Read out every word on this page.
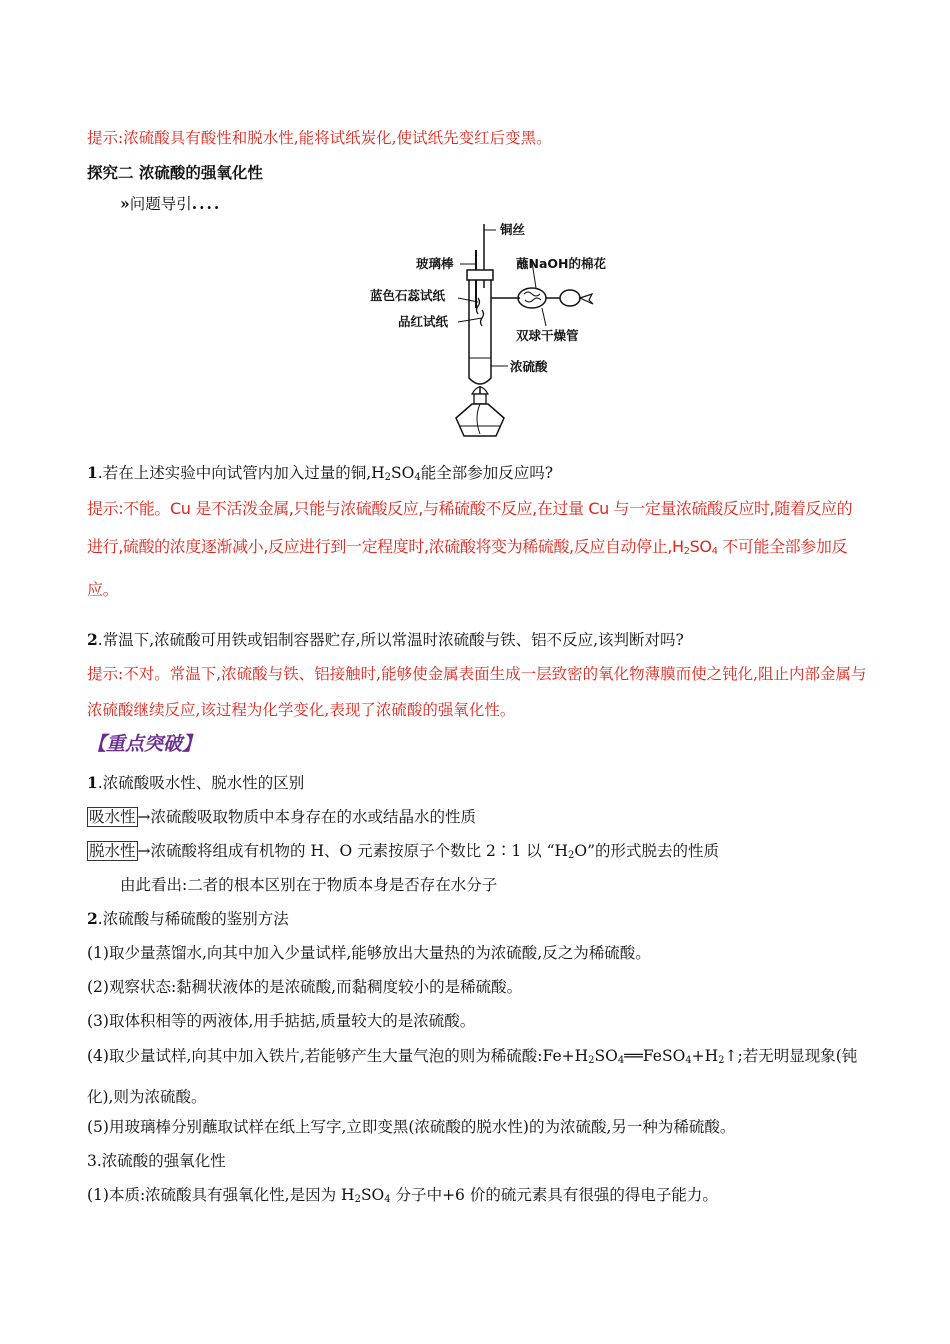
提示:浓硫酸具有酸性和脱水性,能将试纸炭化,使试纸先变红后变黑。
探究二 浓硫酸的强氧化性
»问题导引....
铜丝
玻璃棒	蘸NaOH的棉花
蓝色石蕊试纸
品红试纸
双球干燥管
浓硫酸
1.若在上述实验中向试管内加入过量的铜$,H_2SO_4$能全部参加反应吗?
提示:不能。Cu 是不活泼金属,只能与浓硫酸反应,与稀硫酸不反应,在过量 Cu 与一定量浓硫酸反应时,随着反应的进行,硫酸的浓度逐渐减小,反应进行到一定程度时,浓硫酸将变为稀硫酸,反应自动停止$,H_2SO_4$ 不可能全部参加反应。
2.常温下,浓硫酸可用铁或铝制容器贮存,所以常温时浓硫酸与铁、铝不反应,该判断对吗?
提示:不对。常温下,浓硫酸与铁、铝接触时,能够使金属表面生成一层致密的氧化物薄膜而使之钝化,阻止内部金属与浓硫酸继续反应,该过程为化学变化,表现了浓硫酸的强氧化性。
【重点突破】
1.浓硫酸吸水性、脱水性的区别
吸水性 →浓硫酸吸取物质中本身存在的水或结晶水的性质
脱水性 →浓硫酸将组成有机物的 H、O 元素按原子个数比 2∶1 以 “$H_2O$”的形式脱去的性质
由此看出:二者的根本区别在于物质本身是否存在水分子
2.浓硫酸与稀硫酸的鉴别方法
(1)取少量蒸馏水,向其中加入少量试样,能够放出大量热的为浓硫酸,反之为稀硫酸。
(2)观察状态:黏稠状液体的是浓硫酸,而黏稠度较小的是稀硫酸。
(3)取体积相等的两液体,用手掂掂,质量较大的是浓硫酸。
(4)取少量试样,向其中加入铁片,若能够产生大量气泡的则为稀硫酸$:Fe+H_2SO_4══FeSO_4+H_2↑$;若无明显现象(钝化),则为浓硫酸。
(5)用玻璃棒分别蘸取试样在纸上写字,立即变黑(浓硫酸的脱水性)的为浓硫酸,另一种为稀硫酸。
3.浓硫酸的强氧化性
(1)本质:浓硫酸具有强氧化性,是因为 $H_2SO_4$ 分子中+6 价的硫元素具有很强的得电子能力。
